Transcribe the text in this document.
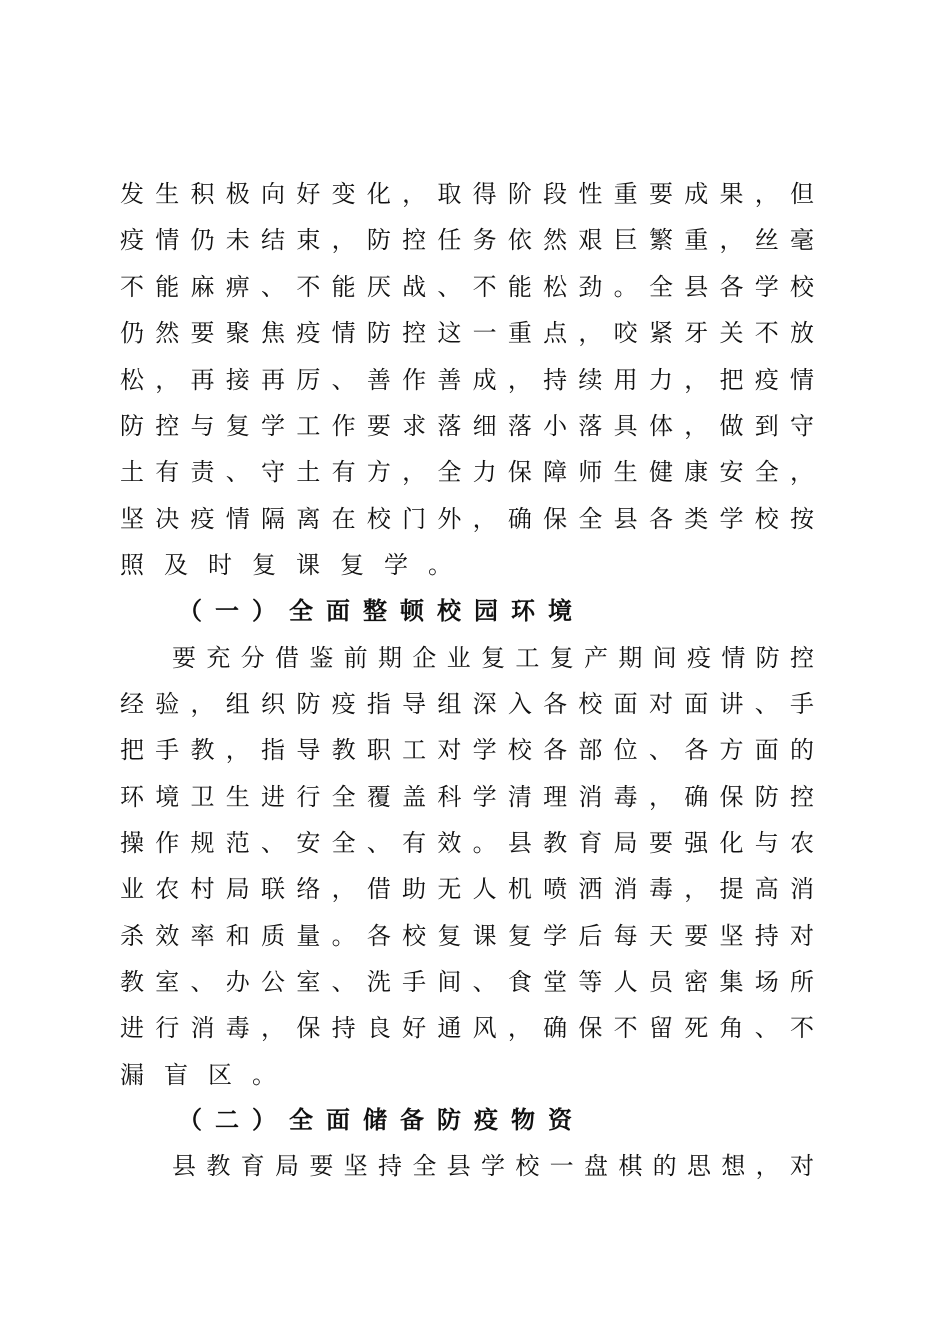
发生积极向好变化，取得阶段性重要成果，但
疫情仍未结束，防控任务依然艰巨繁重，丝毫
不能麻痹、不能厌战、不能松劲。全县各学校
仍然要聚焦疫情防控这一重点，咬紧牙关不放
松，再接再厉、善作善成，持续用力，把疫情
防控与复学工作要求落细落小落具体，做到守
土有责、守土有方，全力保障师生健康安全，
坚决疫情隔离在校门外，确保全县各类学校按
照及时复课复学。
（一）全面整顿校园环境
要充分借鉴前期企业复工复产期间疫情防控
经验，组织防疫指导组深入各校面对面讲、手
把手教，指导教职工对学校各部位、各方面的
环境卫生进行全覆盖科学清理消毒，确保防控
操作规范、安全、有效。县教育局要强化与农
业农村局联络，借助无人机喷洒消毒，提高消
杀效率和质量。各校复课复学后每天要坚持对
教室、办公室、洗手间、食堂等人员密集场所
进行消毒，保持良好通风，确保不留死角、不
漏盲区。
（二）全面储备防疫物资
县教育局要坚持全县学校一盘棋的思想，对
